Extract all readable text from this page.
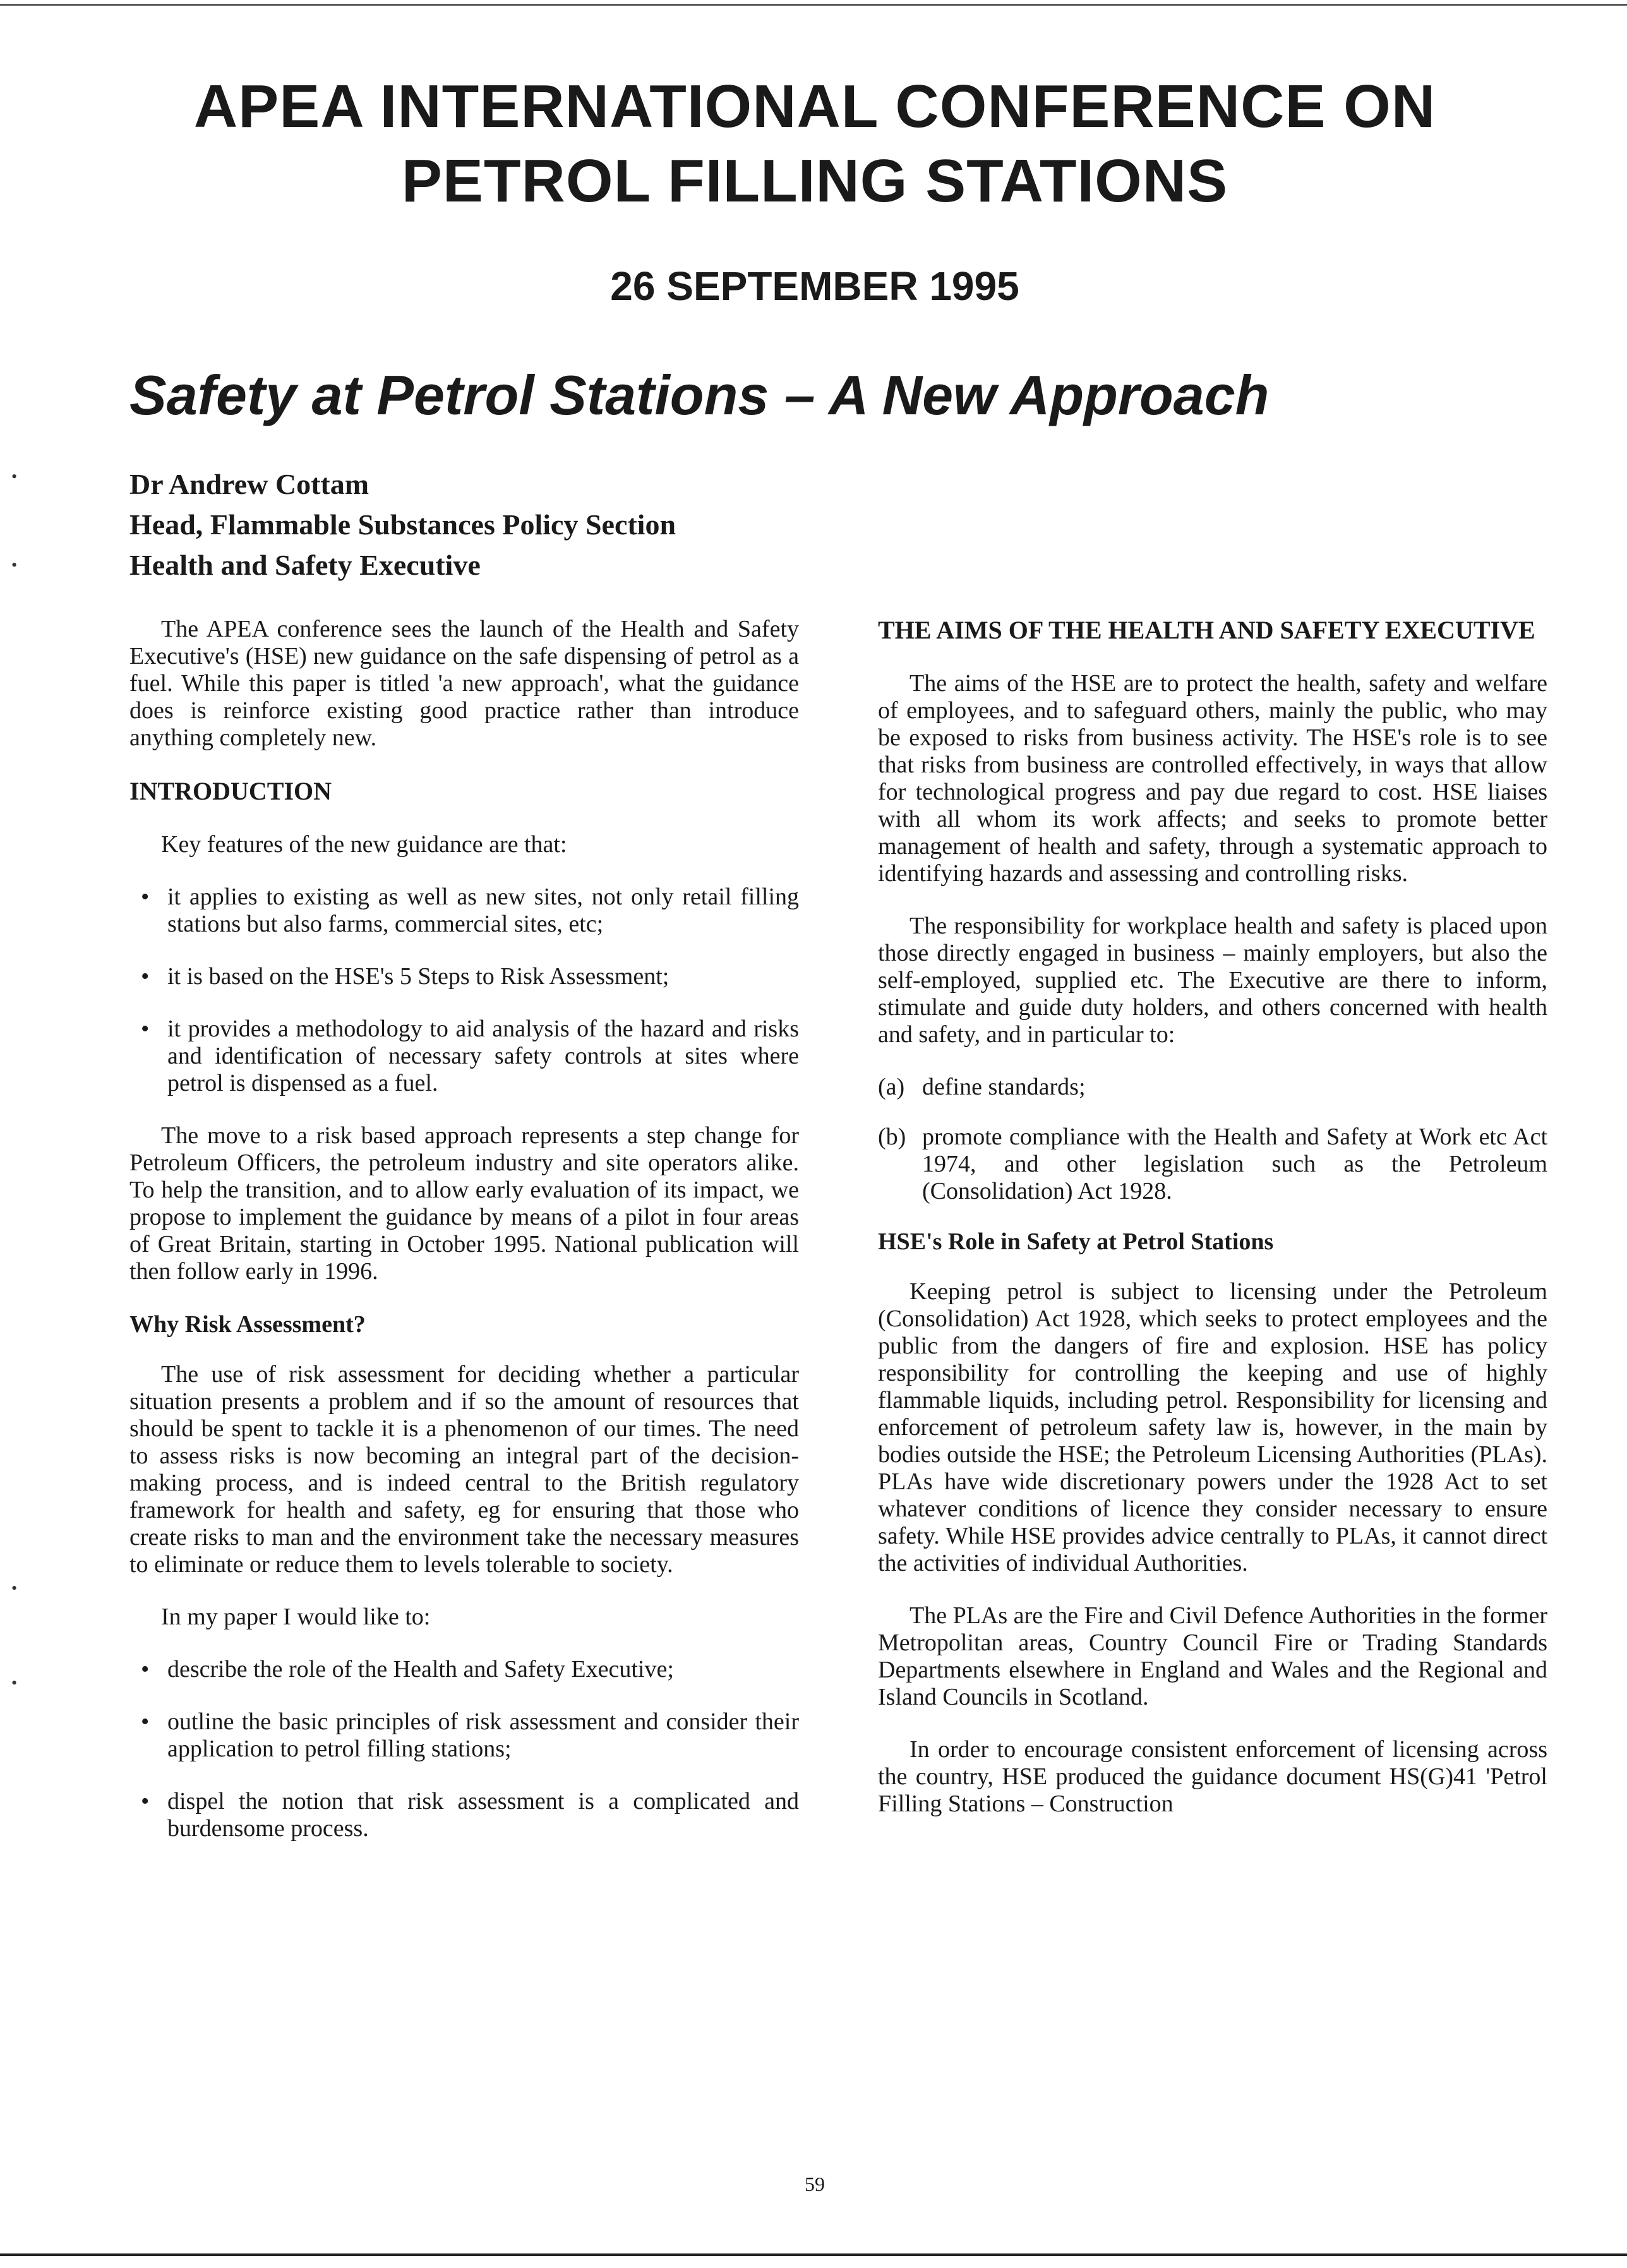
APEA INTERNATIONAL CONFERENCE ON
PETROL FILLING STATIONS
26 SEPTEMBER 1995
Safety at Petrol Stations – A New Approach
Dr Andrew Cottam
Head, Flammable Substances Policy Section
Health and Safety Executive
•
•
•
•

The APEA conference sees the launch of the Health and Safety Executive's (HSE) new guidance on the safe dispensing of petrol as a fuel. While this paper is titled 'a new approach', what the guidance does is reinforce existing good practice rather than introduce anything completely new.

INTRODUCTION

Key features of the new guidance are that:

• it applies to existing as well as new sites, not only retail filling stations but also farms, commercial sites, etc;
• it is based on the HSE's 5 Steps to Risk Assessment;
• it provides a methodology to aid analysis of the hazard and risks and identification of necessary safety controls at sites where petrol is dispensed as a fuel.

The move to a risk based approach represents a step change for Petroleum Officers, the petroleum industry and site operators alike. To help the transition, and to allow early evaluation of its impact, we propose to implement the guidance by means of a pilot in four areas of Great Britain, starting in October 1995. National publication will then follow early in 1996.

Why Risk Assessment?

The use of risk assessment for deciding whether a particular situation presents a problem and if so the amount of resources that should be spent to tackle it is a phenomenon of our times. The need to assess risks is now becoming an integral part of the decision-making process, and is indeed central to the British regulatory framework for health and safety, eg for ensuring that those who create risks to man and the environment take the necessary measures to eliminate or reduce them to levels tolerable to society.

In my paper I would like to:

• describe the role of the Health and Safety Executive;
• outline the basic principles of risk assessment and consider their application to petrol filling stations;
• dispel the notion that risk assessment is a complicated and burdensome process.
THE AIMS OF THE HEALTH AND SAFETY EXECUTIVE

The aims of the HSE are to protect the health, safety and welfare of employees, and to safeguard others, mainly the public, who may be exposed to risks from business activity. The HSE's role is to see that risks from business are controlled effectively, in ways that allow for technological progress and pay due regard to cost. HSE liaises with all whom its work affects; and seeks to promote better management of health and safety, through a systematic approach to identifying hazards and assessing and controlling risks.

The responsibility for workplace health and safety is placed upon those directly engaged in business – mainly employers, but also the self-employed, supplied etc. The Executive are there to inform, stimulate and guide duty holders, and others concerned with health and safety, and in particular to:

(a) define standards;
(b) promote compliance with the Health and Safety at Work etc Act 1974, and other legislation such as the Petroleum (Consolidation) Act 1928.
HSE's Role in Safety at Petrol Stations

Keeping petrol is subject to licensing under the Petroleum (Consolidation) Act 1928, which seeks to protect employees and the public from the dangers of fire and explosion. HSE has policy responsibility for controlling the keeping and use of highly flammable liquids, including petrol. Responsibility for licensing and enforcement of petroleum safety law is, however, in the main by bodies outside the HSE; the Petroleum Licensing Authorities (PLAs). PLAs have wide discretionary powers under the 1928 Act to set whatever conditions of licence they consider necessary to ensure safety. While HSE provides advice centrally to PLAs, it cannot direct the activities of individual Authorities.

The PLAs are the Fire and Civil Defence Authorities in the former Metropolitan areas, Country Council Fire or Trading Standards Departments elsewhere in England and Wales and the Regional and Island Councils in Scotland.

In order to encourage consistent enforcement of licensing across the country, HSE produced the guidance document HS(G)41 'Petrol Filling Stations – Construction

59
